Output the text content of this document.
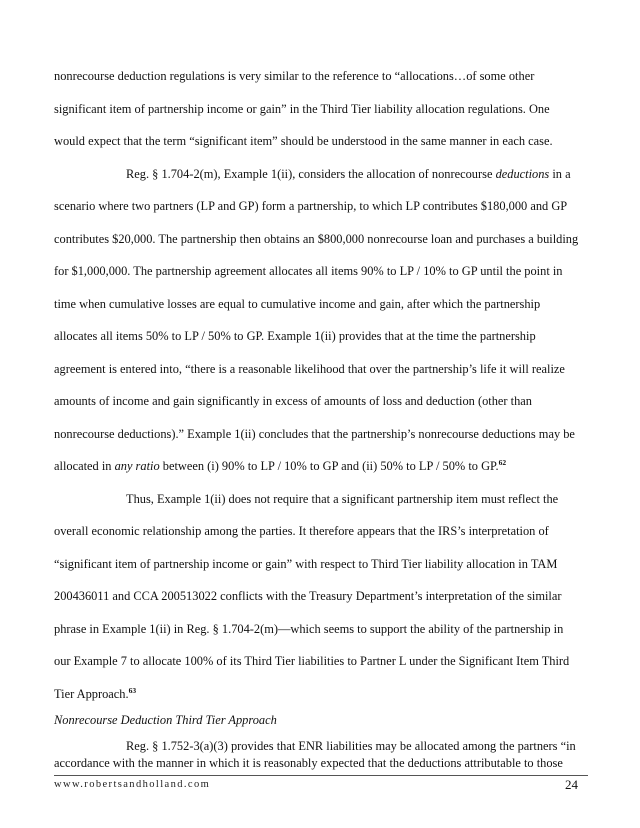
nonrecourse deduction regulations is very similar to the reference to “allocations…of some other
significant item of partnership income or gain” in the Third Tier liability allocation regulations. One
would expect that the term “significant item” should be understood in the same manner in each case.
Reg. § 1.704-2(m), Example 1(ii), considers the allocation of nonrecourse deductions in a
scenario where two partners (LP and GP) form a partnership, to which LP contributes $180,000 and GP
contributes $20,000. The partnership then obtains an $800,000 nonrecourse loan and purchases a building
for $1,000,000. The partnership agreement allocates all items 90% to LP / 10% to GP until the point in
time when cumulative losses are equal to cumulative income and gain, after which the partnership
allocates all items 50% to LP / 50% to GP. Example 1(ii) provides that at the time the partnership
agreement is entered into, “there is a reasonable likelihood that over the partnership’s life it will realize
amounts of income and gain significantly in excess of amounts of loss and deduction (other than
nonrecourse deductions).” Example 1(ii) concludes that the partnership’s nonrecourse deductions may be
allocated in any ratio between (i) 90% to LP / 10% to GP and (ii) 50% to LP / 50% to GP.$^{62}$
Thus, Example 1(ii) does not require that a significant partnership item must reflect the
overall economic relationship among the parties. It therefore appears that the IRS’s interpretation of
“significant item of partnership income or gain” with respect to Third Tier liability allocation in TAM
200436011 and CCA 200513022 conflicts with the Treasury Department’s interpretation of the similar
phrase in Example 1(ii) in Reg. § 1.704-2(m)—which seems to support the ability of the partnership in
our Example 7 to allocate 100% of its Third Tier liabilities to Partner L under the Significant Item Third
Tier Approach.$^{63}$
Nonrecourse Deduction Third Tier Approach
Reg. § 1.752-3(a)(3) provides that ENR liabilities may be allocated among the partners “in
www.robertsandholland.com	24
accordance with the manner in which it is reasonably expected that the deductions attributable to those
